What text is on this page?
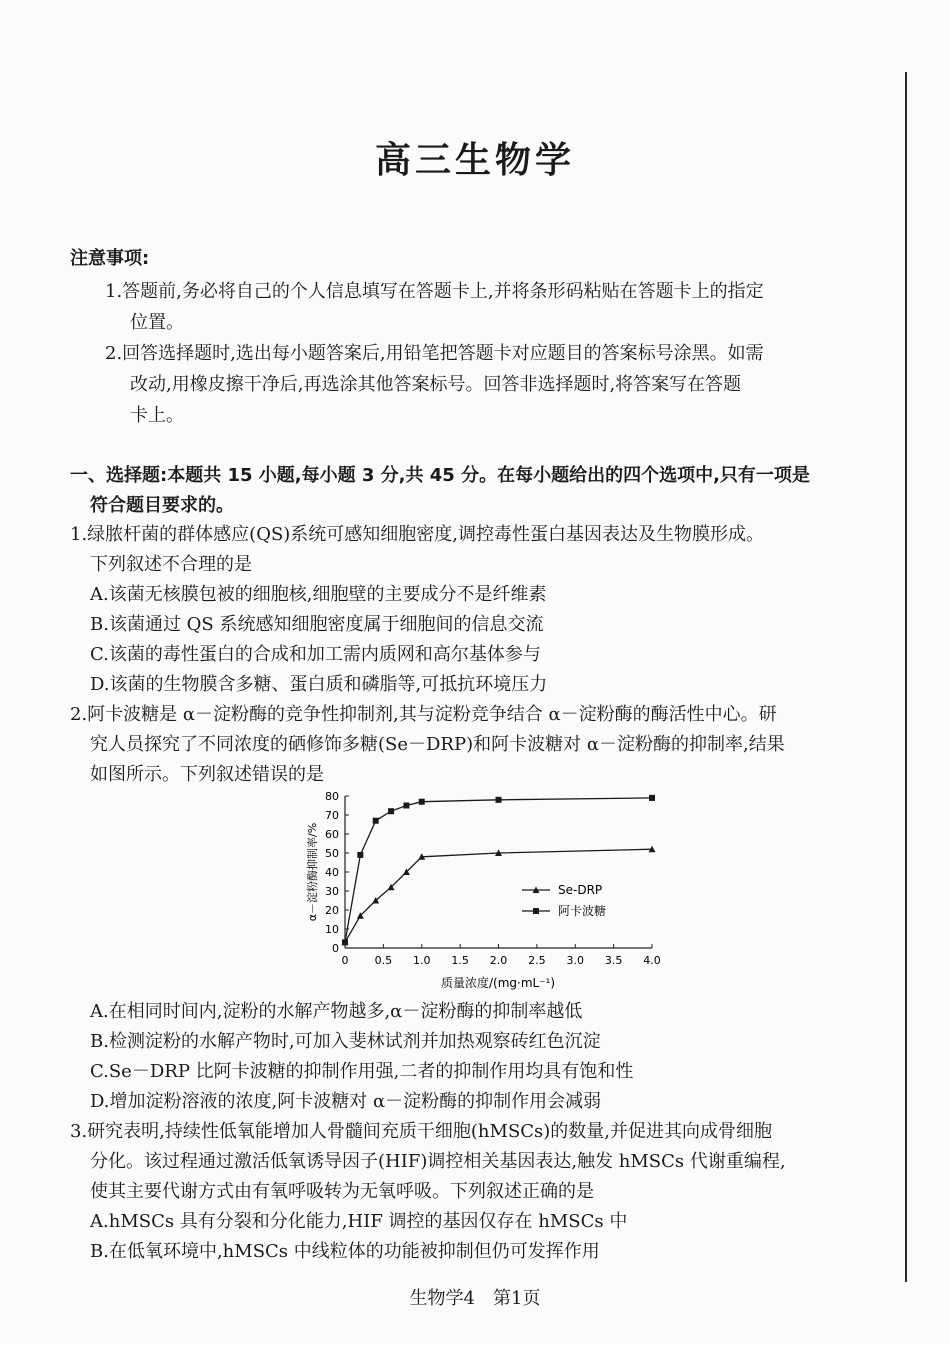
高三生物学
注意事项:
1.答题前,务必将自己的个人信息填写在答题卡上,并将条形码粘贴在答题卡上的指定
位置。
2.回答选择题时,选出每小题答案后,用铅笔把答题卡对应题目的答案标号涂黑。如需
改动,用橡皮擦干净后,再选涂其他答案标号。回答非选择题时,将答案写在答题
卡上。
一、选择题:本题共 15 小题,每小题 3 分,共 45 分。在每小题给出的四个选项中,只有一项是
符合题目要求的。
1.绿脓杆菌的群体感应(QS)系统可感知细胞密度,调控毒性蛋白基因表达及生物膜形成。
下列叙述不合理的是
A.该菌无核膜包被的细胞核,细胞壁的主要成分不是纤维素
B.该菌通过 QS 系统感知细胞密度属于细胞间的信息交流
C.该菌的毒性蛋白的合成和加工需内质网和高尔基体参与
D.该菌的生物膜含多糖、蛋白质和磷脂等,可抵抗环境压力
2.阿卡波糖是 α－淀粉酶的竞争性抑制剂,其与淀粉竞争结合 α－淀粉酶的酶活性中心。研
究人员探究了不同浓度的硒修饰多糖(Se－DRP)和阿卡波糖对 α－淀粉酶的抑制率,结果
如图所示。下列叙述错误的是
α－淀粉酶抑制率/%
质量浓度/(mg·mL⁻¹)
0 0.5 1.0 1.5 2.0 2.5 3.0 3.5 4.0
0
10
20
30
40
50
60
70
80
Se-DRP
阿卡波糖
A.在相同时间内,淀粉的水解产物越多,α－淀粉酶的抑制率越低
B.检测淀粉的水解产物时,可加入斐林试剂并加热观察砖红色沉淀
C.Se－DRP 比阿卡波糖的抑制作用强,二者的抑制作用均具有饱和性
D.增加淀粉溶液的浓度,阿卡波糖对 α－淀粉酶的抑制作用会减弱
3.研究表明,持续性低氧能增加人骨髓间充质干细胞(hMSCs)的数量,并促进其向成骨细胞
分化。该过程通过激活低氧诱导因子(HIF)调控相关基因表达,触发 hMSCs 代谢重编程,
使其主要代谢方式由有氧呼吸转为无氧呼吸。下列叙述正确的是
A.hMSCs 具有分裂和分化能力,HIF 调控的基因仅存在 hMSCs 中
B.在低氧环境中,hMSCs 中线粒体的功能被抑制但仍可发挥作用
生物学4　第1页
